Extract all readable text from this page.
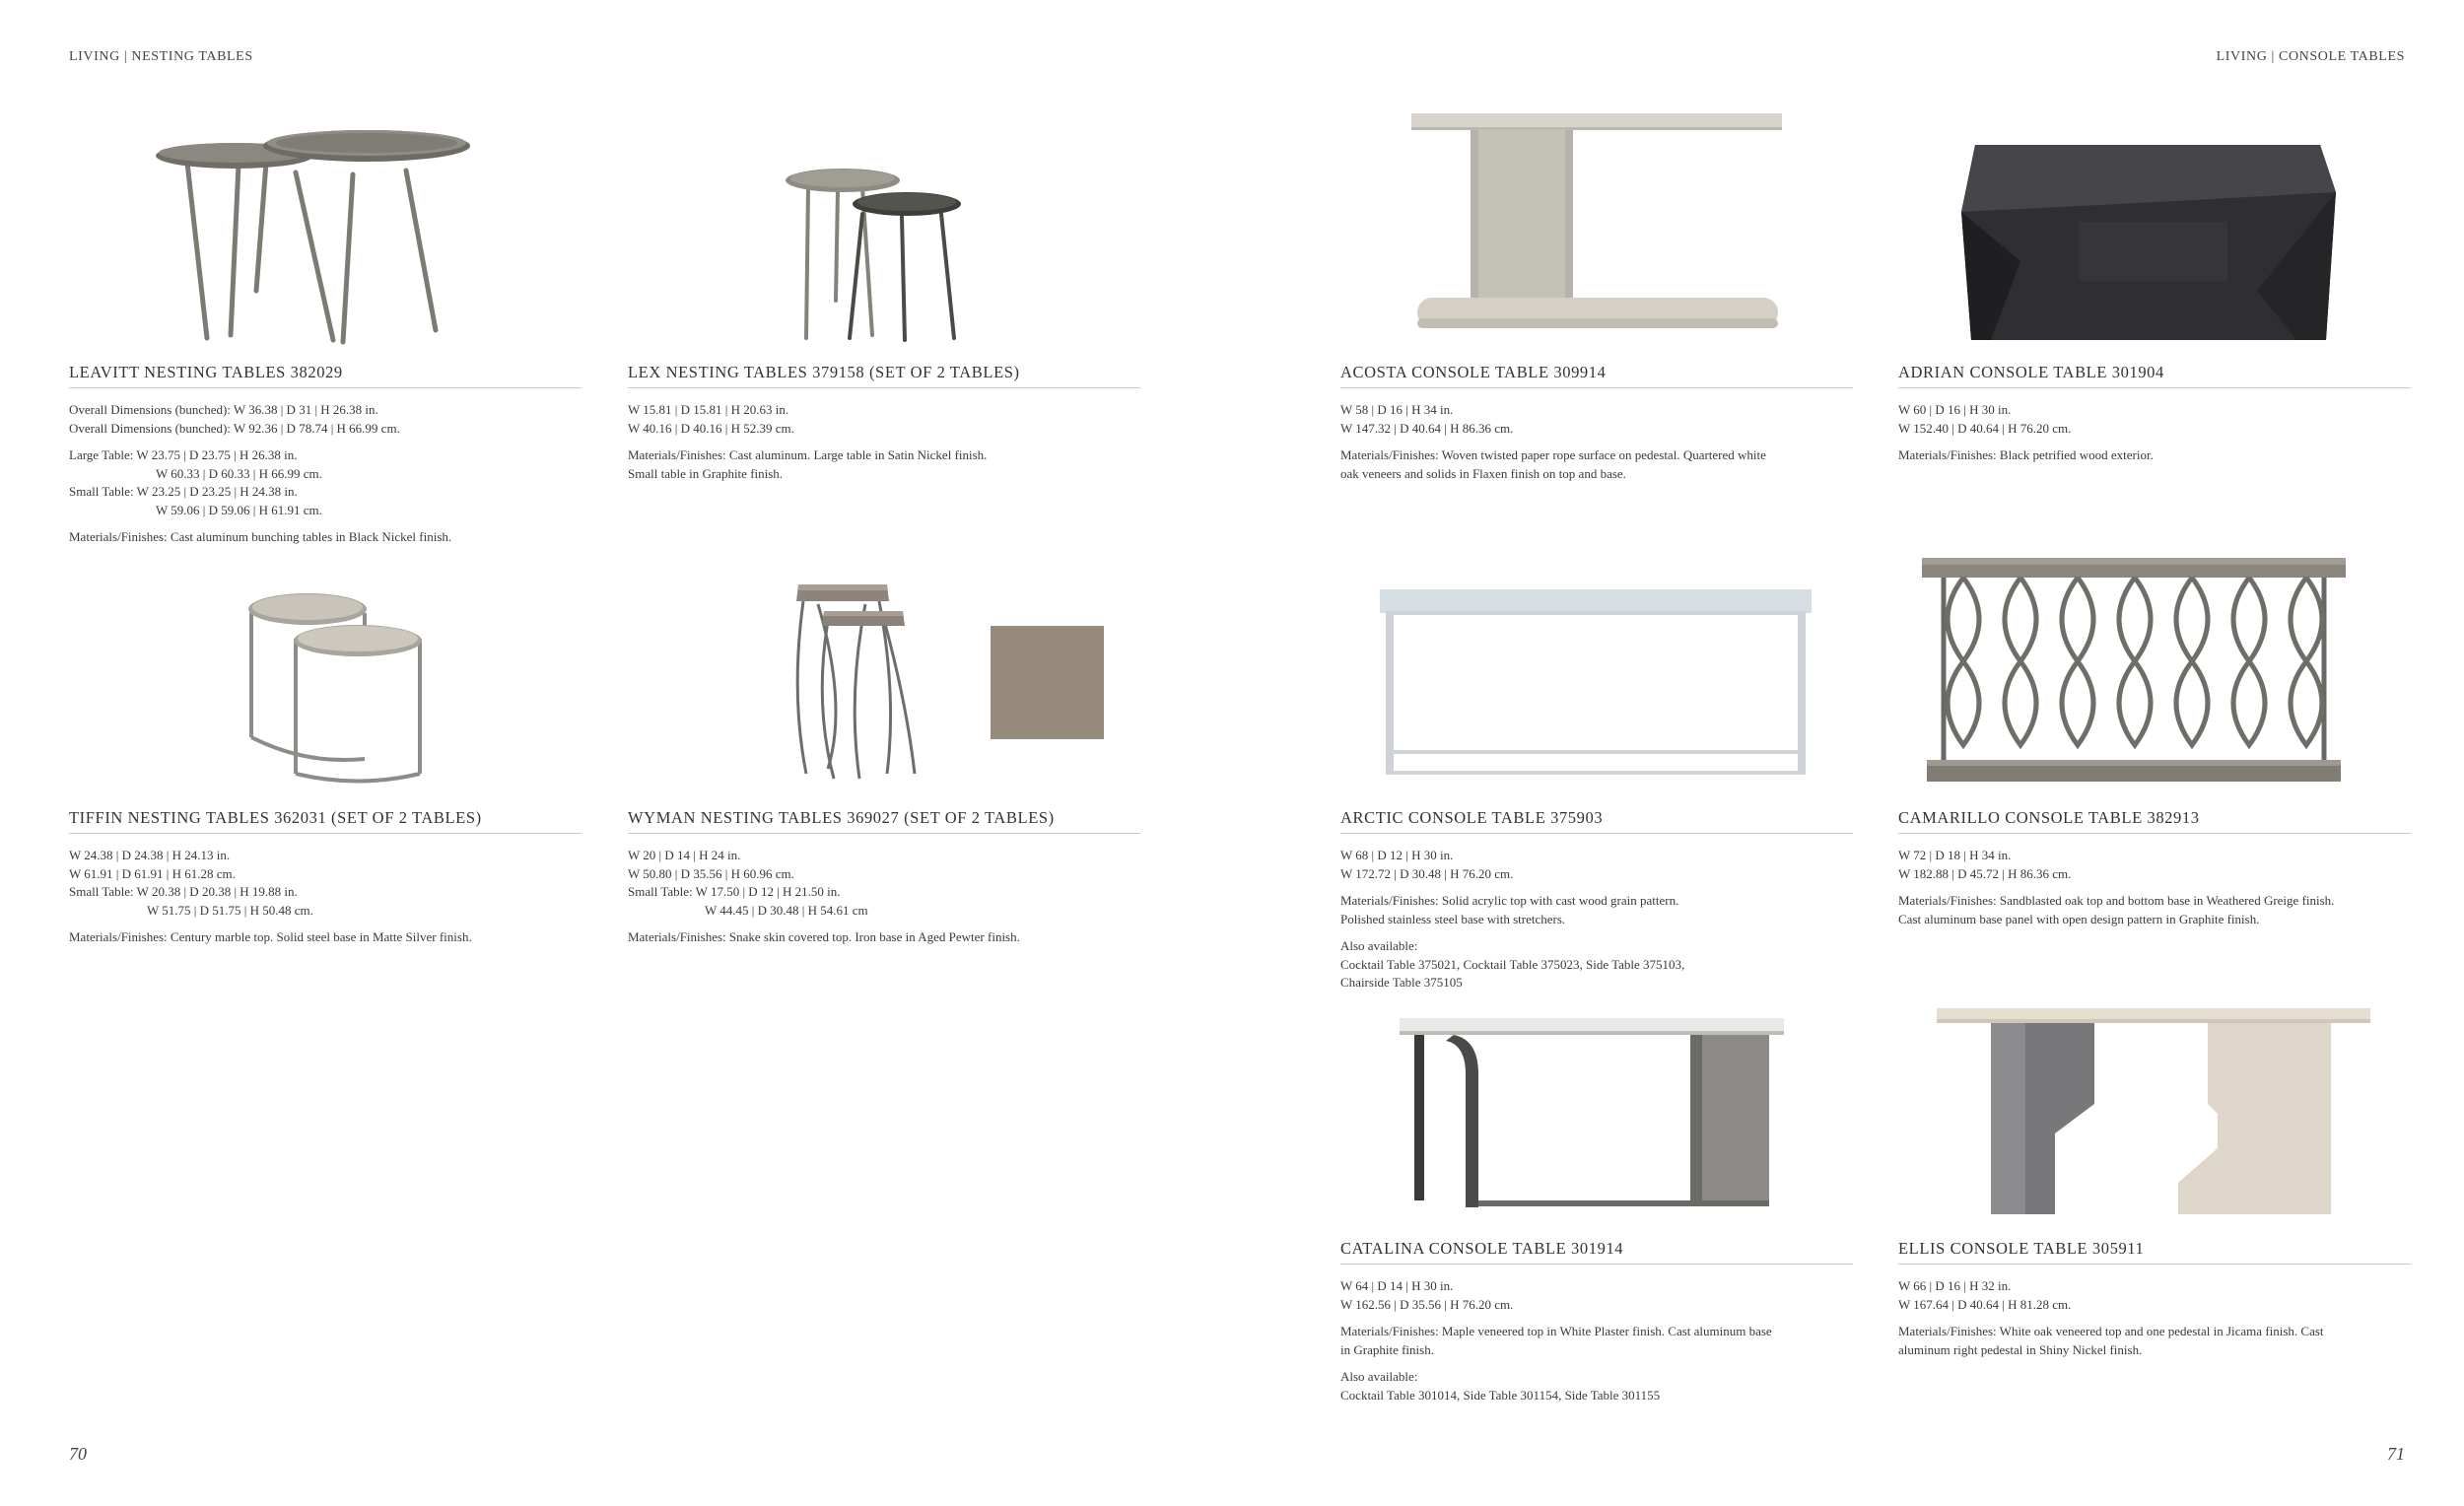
LIVING | NESTING TABLES	LIVING | CONSOLE TABLES
70	71
LEAVITT NESTING TABLES 382029
Overall Dimensions (bunched): W 36.38 | D 31 | H 26.38 in.
Overall Dimensions (bunched): W 92.36 | D 78.74 | H 66.99 cm.
Large Table: W 23.75 | D 23.75 | H 26.38 in.
W 60.33 | D 60.33 | H 66.99 cm.
Small Table: W 23.25 | D 23.25 | H 24.38 in.
W 59.06 | D 59.06 | H 61.91 cm.
Materials/Finishes: Cast aluminum bunching tables in Black Nickel finish.
LEX NESTING TABLES 379158 (SET OF 2 TABLES)
W 15.81 | D 15.81 | H 20.63 in.
W 40.16 | D 40.16 | H 52.39 cm.
Materials/Finishes: Cast aluminum. Large table in Satin Nickel finish.
Small table in Graphite finish.
ACOSTA CONSOLE TABLE 309914
W 58 | D 16 | H 34 in.
W 147.32 | D 40.64 | H 86.36 cm.
Materials/Finishes: Woven twisted paper rope surface on pedestal. Quartered white
oak veneers and solids in Flaxen finish on top and base.
ADRIAN CONSOLE TABLE 301904
W 60 | D 16 | H 30 in.
W 152.40 | D 40.64 | H 76.20 cm.
Materials/Finishes: Black petrified wood exterior.
TIFFIN NESTING TABLES 362031 (SET OF 2 TABLES)
W 24.38 | D 24.38 | H 24.13 in.
W 61.91 | D 61.91 | H 61.28 cm.
Small Table: W 20.38 | D 20.38 | H 19.88 in.
W 51.75 | D 51.75 | H 50.48 cm.
Materials/Finishes: Century marble top. Solid steel base in Matte Silver finish.
WYMAN NESTING TABLES 369027 (SET OF 2 TABLES)
W 20 | D 14 | H 24 in.
W 50.80 | D 35.56 | H 60.96 cm.
Small Table: W 17.50 | D 12 | H 21.50 in.
W 44.45 | D 30.48 | H 54.61 cm
Materials/Finishes: Snake skin covered top. Iron base in Aged Pewter finish.
ARCTIC CONSOLE TABLE 375903
W 68 | D 12 | H 30 in.
W 172.72 | D 30.48 | H 76.20 cm.
Materials/Finishes: Solid acrylic top with cast wood grain pattern.
Polished stainless steel base with stretchers.
Also available:
Cocktail Table 375021, Cocktail Table 375023, Side Table 375103,
Chairside Table 375105
CAMARILLO CONSOLE TABLE 382913
W 72 | D 18 | H 34 in.
W 182.88 | D 45.72 | H 86.36 cm.
Materials/Finishes: Sandblasted oak top and bottom base in Weathered Greige finish.
Cast aluminum base panel with open design pattern in Graphite finish.
CATALINA CONSOLE TABLE 301914
W 64 | D 14 | H 30 in.
W 162.56 | D 35.56 | H 76.20 cm.
Materials/Finishes: Maple veneered top in White Plaster finish. Cast aluminum base
in Graphite finish.
Also available:
Cocktail Table 301014, Side Table 301154, Side Table 301155
ELLIS CONSOLE TABLE 305911
W 66 | D 16 | H 32 in.
W 167.64 | D 40.64 | H 81.28 cm.
Materials/Finishes: White oak veneered top and one pedestal in Jicama finish. Cast
aluminum right pedestal in Shiny Nickel finish.
